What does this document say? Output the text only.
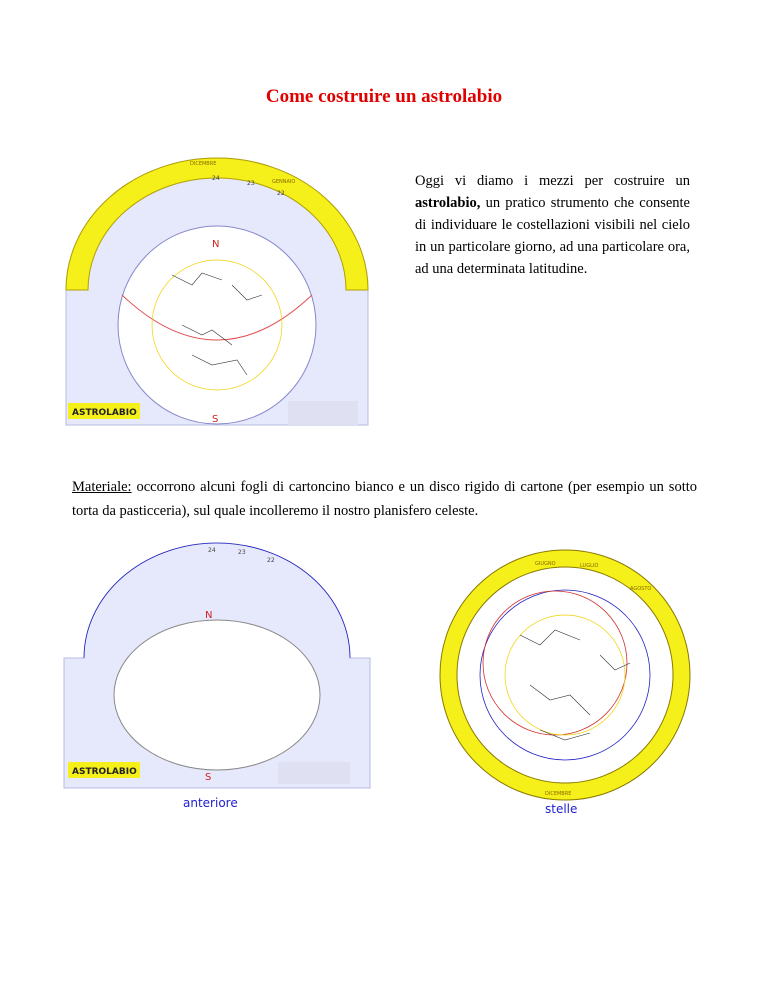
Come costruire un astrolabio
ASTROLABIO
N
S
DICEMBRE
GENNAIO
24
23
22

Oggi vi diamo i mezzi per costruire un astrolabio, un pratico strumento che consente di individuare le costellazioni visibili nel cielo in un particolare giorno, ad una particolare ora, ad una determinata latitudine.

Materiale: occorrono alcuni fogli di cartoncino bianco e un disco rigido di cartone (per esempio un sotto torta da pasticceria), sul quale incolleremo il nostro planisfero celeste.

N
S
24	23
22
ASTROLABIO
anteriore
GIUGNO	LUGLIO
AGOSTO
DICEMBRE
stelle
